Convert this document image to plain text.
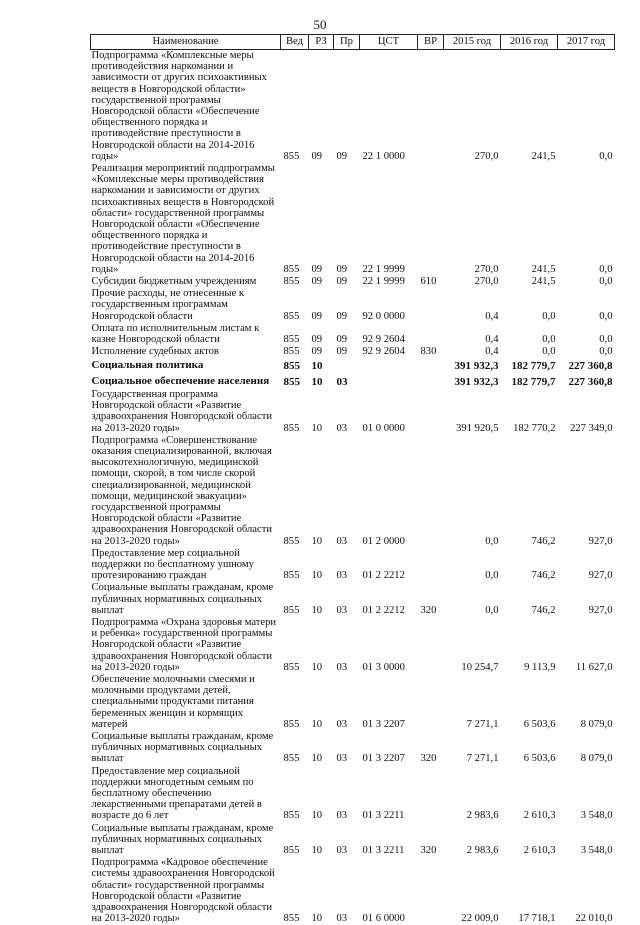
50
Наименование	Вед	РЗ	Пр	ЦСТ	ВР	2015 год	2016 год	2017 год
Подпрограмма «Комплексные меры противодействия наркомании и зависимости от других психоактивных веществ в Новгородской области» государственной программы Новгородской области «Обеспечение общественного порядка и противодействие преступности в Новгородской области на 2014-2016 годы»	855	09	09	22 1 0000		270,0	241,5	0,0
Реализация мероприятий подпрограммы «Комплексные меры противодействия наркомании и зависимости от других психоактивных веществ в Новгородской области» государственной программы Новгородской области «Обеспечение общественного порядка и противодействие преступности в Новгородской области на 2014-2016 годы»	855	09	09	22 1 9999		270,0	241,5	0,0
Субсидии бюджетным учреждениям	855	09	09	22 1 9999	610	270,0	241,5	0,0
Прочие расходы, не отнесенные к государственным программам Новгородской области	855	09	09	92 0 0000		0,4	0,0	0,0
Оплата по исполнительным листам к казне Новгородской области	855	09	09	92 9 2604		0,4	0,0	0,0
Исполнение судебных актов	855	09	09	92 9 2604	830	0,4	0,0	0,0
Социальная политика	855	10				391 932,3	182 779,7	227 360,8
Социальное обеспечение населения	855	10	03			391 932,3	182 779,7	227 360,8
Государственная программа Новгородской области «Развитие здравоохранения Новгородской области на 2013-2020 годы»	855	10	03	01 0 0000		391 920,5	182 770,2	227 349,0
Подпрограмма «Совершенствование оказания специализированной, включая высокотехнологичную, медицинской помощи, скорой, в том числе скорой специализированной, медицинской помощи, медицинской эвакуации» государственной программы Новгородской области «Развитие здравоохранения Новгородской области на 2013-2020 годы»	855	10	03	01 2 0000		0,0	746,2	927,0
Предоставление мер социальной поддержки по бесплатному ушному протезированию граждан	855	10	03	01 2 2212		0,0	746,2	927,0
Социальные выплаты гражданам, кроме публичных нормативных социальных выплат	855	10	03	01 2 2212	320	0,0	746,2	927,0
Подпрограмма «Охрана здоровья матери и ребенка» государственной программы Новгородской области «Развитие здравоохранения Новгородской области на 2013-2020 годы»	855	10	03	01 3 0000		10 254,7	9 113,9	11 627,0
Обеспечение молочными смесями и молочными продуктами детей, специальными продуктами питания беременных женщин и кормящих матерей	855	10	03	01 3 2207		7 271,1	6 503,6	8 079,0
Социальные выплаты гражданам, кроме публичных нормативных социальных выплат	855	10	03	01 3 2207	320	7 271,1	6 503,6	8 079,0
Предоставление мер социальной поддержки многодетным семьям по бесплатному обеспечению лекарственными препаратами детей в возрасте до 6 лет	855	10	03	01 3 2211		2 983,6	2 610,3	3 548,0
Социальные выплаты гражданам, кроме публичных нормативных социальных выплат	855	10	03	01 3 2211	320	2 983,6	2 610,3	3 548,0
Подпрограмма «Кадровое обеспечение системы здравоохранения Новгородской области» государственной программы Новгородской области «Развитие здравоохранения Новгородской области на 2013-2020 годы»	855	10	03	01 6 0000		22 009,0	17 718,1	22 010,0
